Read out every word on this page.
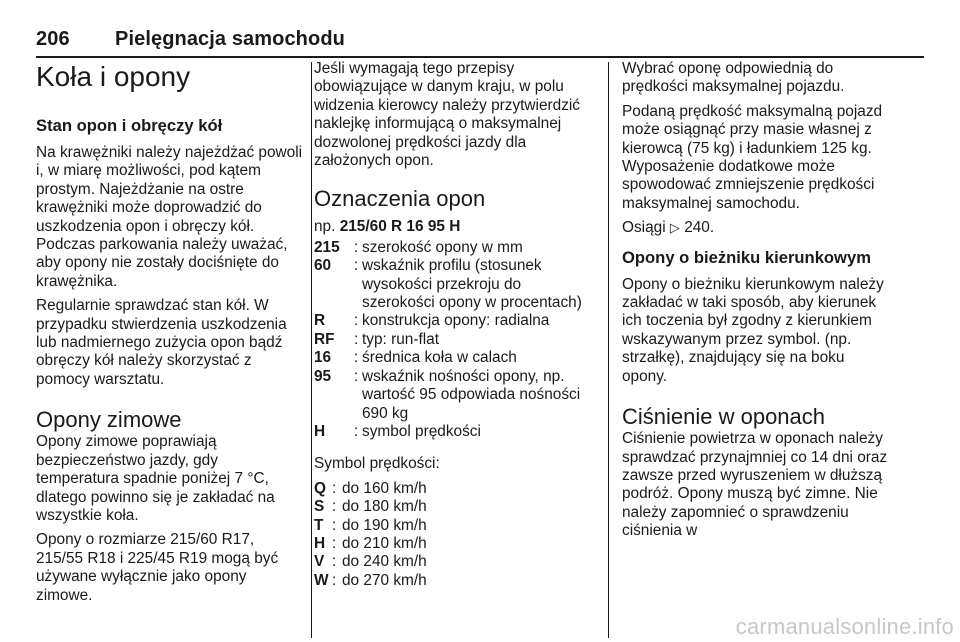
206 Pielęgnacja samochodu
Koła i opony
Stan opon i obręczy kół

Na krawężniki należy najeżdżać powoli i, w miarę możliwości, pod kątem prostym. Najeżdżanie na ostre krawężniki może doprowadzić do uszkodzenia opon i obręczy kół. Podczas parkowania należy uważać, aby opony nie zostały dociśnięte do krawężnika.

Regularnie sprawdzać stan kół. W przypadku stwierdzenia uszkodzenia lub nadmiernego zużycia opon bądź obręczy kół należy skorzystać z pomocy warsztatu.

Opony zimowe

Opony zimowe poprawiają bezpieczeństwo jazdy, gdy temperatura spadnie poniżej 7 °C, dlatego powinno się je zakładać na wszystkie koła.

Opony o rozmiarze 215/60 R17, 215/55 R18 i 225/45 R19 mogą być używane wyłącznie jako opony zimowe.

Jeśli wymagają tego przepisy obowiązujące w danym kraju, w polu widzenia kierowcy należy przytwierdzić naklejkę informującą o maksymalnej dozwolonej prędkości jazdy dla założonych opon.

Oznaczenia opon
np. 215/60 R 16 95 H
215 : szerokość opony w mm
60	: wskaźnik profilu (stosunek wysokości przekroju do szerokości opony w procentach)
R	: konstrukcja opony: radialna
RF	: typ: run-flat
16	: średnica koła w calach
95	: wskaźnik nośności opony, np. wartość 95 odpowiada nośności 690 kg
H	: symbol prędkości

Symbol prędkości:

Q : do 160 km/h
S : do 180 km/h
T : do 190 km/h
H : do 210 km/h
V : do 240 km/h
W : do 270 km/h

Wybrać oponę odpowiednią do prędkości maksymalnej pojazdu.

Podaną prędkość maksymalną pojazd może osiągnąć przy masie własnej z kierowcą (75 kg) i ładunkiem 125 kg. Wyposażenie dodatkowe może spowodować zmniejszenie prędkości maksymalnej samochodu.

Osiągi ▷ 240.

Opony o bieżniku kierunkowym

Opony o bieżniku kierunkowym należy zakładać w taki sposób, aby kierunek ich toczenia był zgodny z kierunkiem wskazywanym przez symbol. (np. strzałkę), znajdujący się na boku opony.

Ciśnienie w oponach

Ciśnienie powietrza w oponach należy sprawdzać przynajmniej co 14 dni oraz zawsze przed wyruszeniem w dłuższą podróż. Opony muszą być zimne. Nie należy zapomnieć o sprawdzeniu ciśnienia w

carmanualsonline.info
